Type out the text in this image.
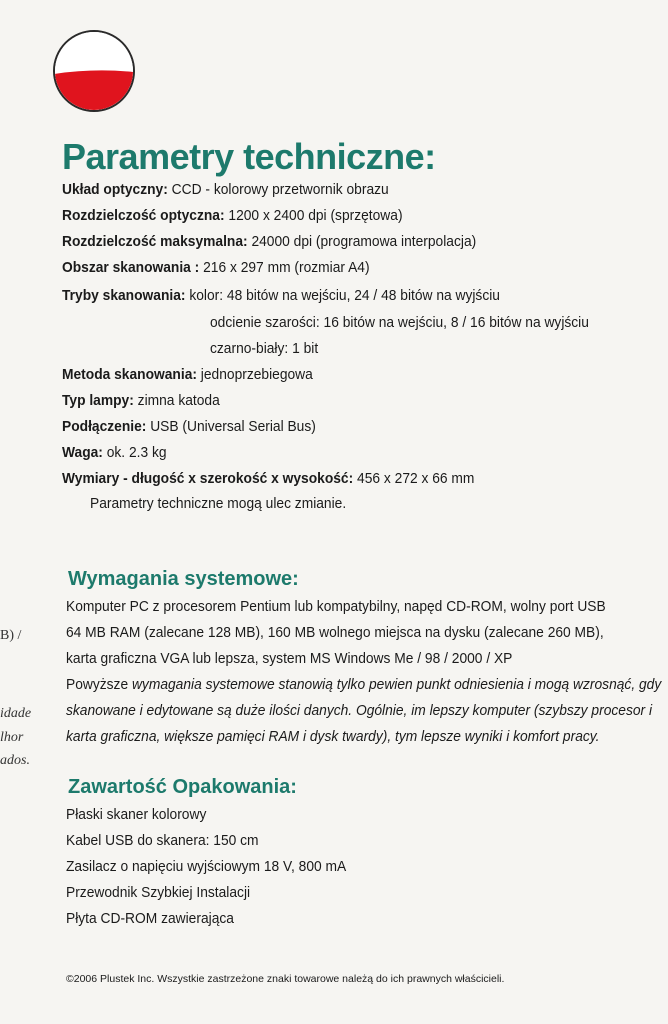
B) /
idade
lhor
ados.
Parametry techniczne:
Układ optyczny: CCD - kolorowy przetwornik obrazu
Rozdzielczość optyczna: 1200 x 2400 dpi (sprzętowa)
Rozdzielczość maksymalna: 24000 dpi (programowa interpolacja)
Obszar skanowania : 216 x 297 mm (rozmiar A4)
Tryby skanowania: kolor: 48 bitów na wejściu, 24 / 48 bitów na wyjściu
odcienie szarości: 16 bitów na wejściu, 8 / 16 bitów na wyjściu
czarno-biały: 1 bit
Metoda skanowania: jednoprzebiegowa
Typ lampy: zimna katoda
Podłączenie: USB (Universal Serial Bus)
Waga: ok. 2.3 kg
Wymiary - długość x szerokość x wysokość: 456 x 272 x 66 mm
Parametry techniczne mogą ulec zmianie.
Wymagania systemowe:
Komputer PC z procesorem Pentium lub kompatybilny, napęd CD-ROM, wolny port USB
64 MB RAM (zalecane 128 MB), 160 MB wolnego miejsca na dysku (zalecane 260 MB),
karta graficzna VGA lub lepsza, system MS Windows Me / 98 / 2000 / XP
Powyższe wymagania systemowe stanowią tylko pewien punkt odniesienia i mogą wzrosnąć, gdy
skanowane i edytowane są duże ilości danych. Ogólnie, im lepszy komputer (szybszy procesor i
karta graficzna, większe pamięci RAM i dysk twardy), tym lepsze wyniki i komfort pracy.
Zawartość Opakowania:
Płaski skaner kolorowy
Kabel USB do skanera: 150 cm
Zasilacz o napięciu wyjściowym 18 V, 800 mA
Przewodnik Szybkiej Instalacji
Płyta CD-ROM zawierająca
©2006 Plustek Inc. Wszystkie zastrzeżone znaki towarowe należą do ich prawnych właścicieli.
